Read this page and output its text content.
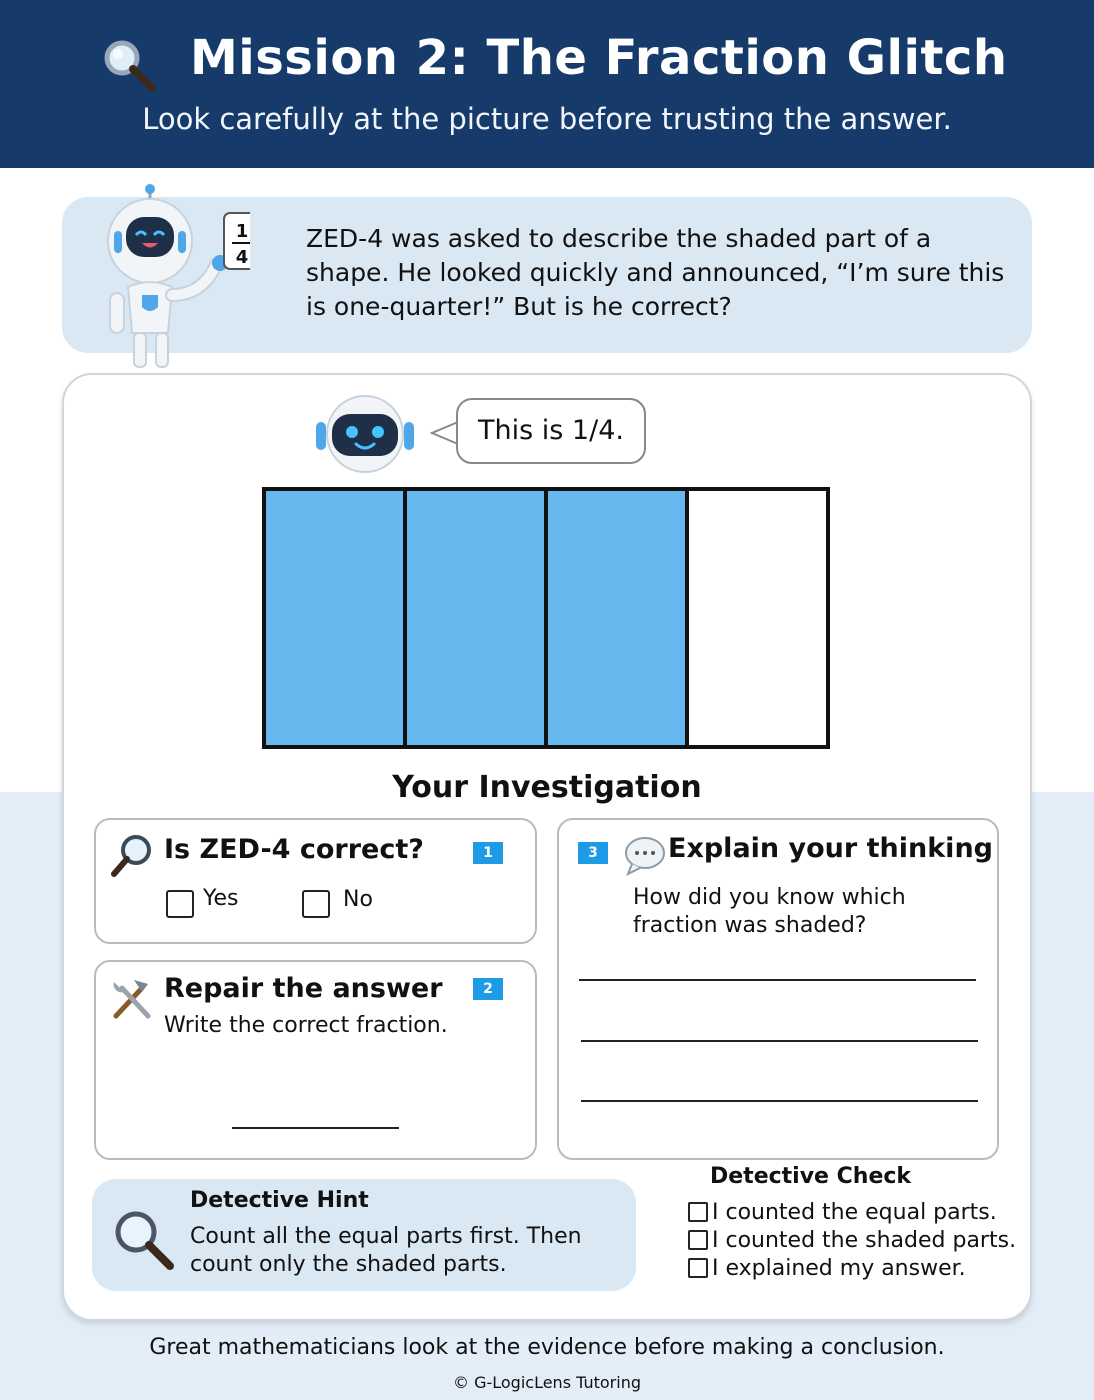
Mission 2: The Fraction Glitch
Look carefully at the picture before trusting the answer.
1
4
ZED-4 was asked to describe the shaded part of a shape. He looked quickly and announced, “I’m sure this is one-quarter!” But is he correct?
This is 1/4.
Your Investigation
Is ZED-4 correct?	1
Yes	No
Repair the answer	2
Write the correct fraction.
3	Explain your thinking
How did you know which fraction was shaded?
Detective Hint
Count all the equal parts first. Then count only the shaded parts.
Detective Check
I counted the equal parts.
I counted the shaded parts.
I explained my answer.
Great mathematicians look at the evidence before making a conclusion.
© G-LogicLens Tutoring
